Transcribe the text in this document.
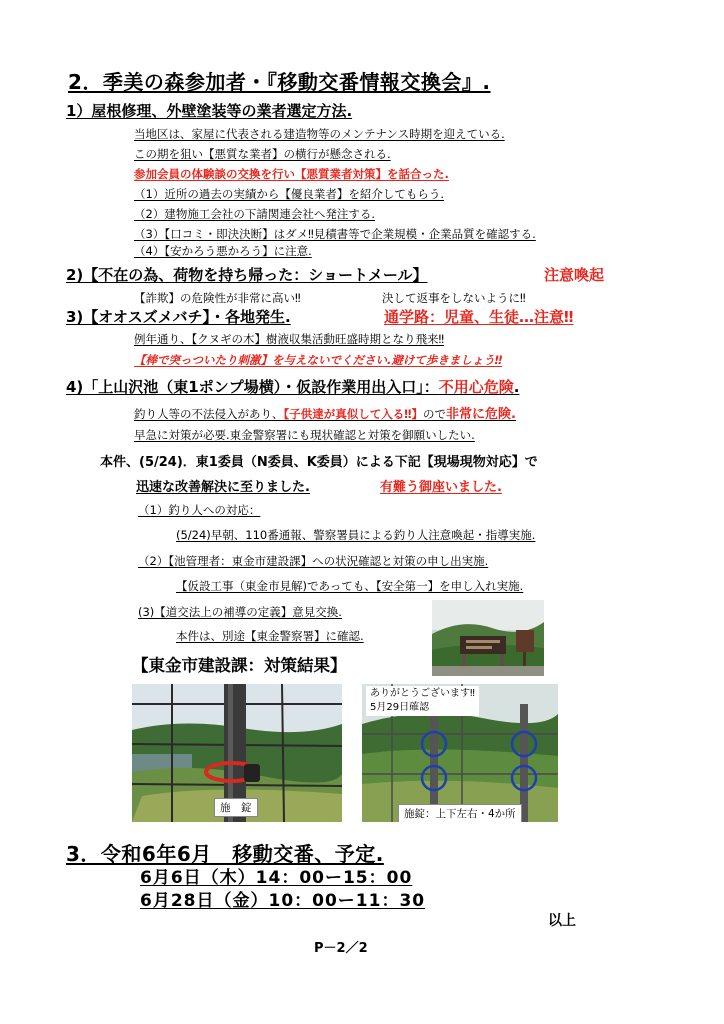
2．季美の森参加者・『移動交番情報交換会』.
1）屋根修理、外壁塗装等の業者選定方法.
当地区は、家屋に代表される建造物等のメンテナンス時期を迎えている.
この期を狙い【悪質な業者】の横行が懸念される.
参加会員の体験談の交換を行い【悪質業者対策】を話合った.
（1）近所の過去の実績から【優良業者】を紹介してもらう.
（2）建物施工会社の下請関連会社へ発注する.
（3）【口コミ・即決決断】はダメ‼見積書等で企業規模・企業品質を確認する.
（4）【安かろう悪かろう】に注意.
2)【不在の為、荷物を持ち帰った：ショートメール】	注意喚起
【詐欺】の危険性が非常に高い‼	決して返事をしないように‼
3)【オオスズメバチ】・各地発生.	通学路：児童、生徒…注意‼
例年通り、【クヌギの木】樹液収集活動旺盛時期となり飛来‼
【棒で突っついたり刺激】を与えないでください.避けて歩きましょう‼
4)「上山沢池（東1ポンプ場横）・仮設作業用出入口」：不用心危険.
釣り人等の不法侵入があり、【子供達が真似して入る‼】ので非常に危険.
早急に対策が必要.東金警察署にも現状確認と対策を御願いしたい.
本件、(5/24)．東1委員（N委員、K委員）による下記【現場現物対応】で
迅速な改善解決に至りました.	有難う御座いました.
（1）釣り人への対応：
(5/24)早朝、110番通報、警察署員による釣り人注意喚起・指導実施.
（2）【池管理者：東金市建設課】への状況確認と対策の申し出実施.
【仮設工事（東金市見解)であっても、【安全第一】を申し入れ実施.
(3)【道交法上の補導の定義】意見交換.
本件は、別途【東金警察署】に確認.
【東金市建設課：対策結果】
施　錠
ありがとうございます‼
5月29日確認
施錠：上下左右・4か所
3．令和6年6月　移動交番、予定.
6月6日（木）14：00ー15：00
6月28日（金）10：00ー11：30
以上
P－2／2
